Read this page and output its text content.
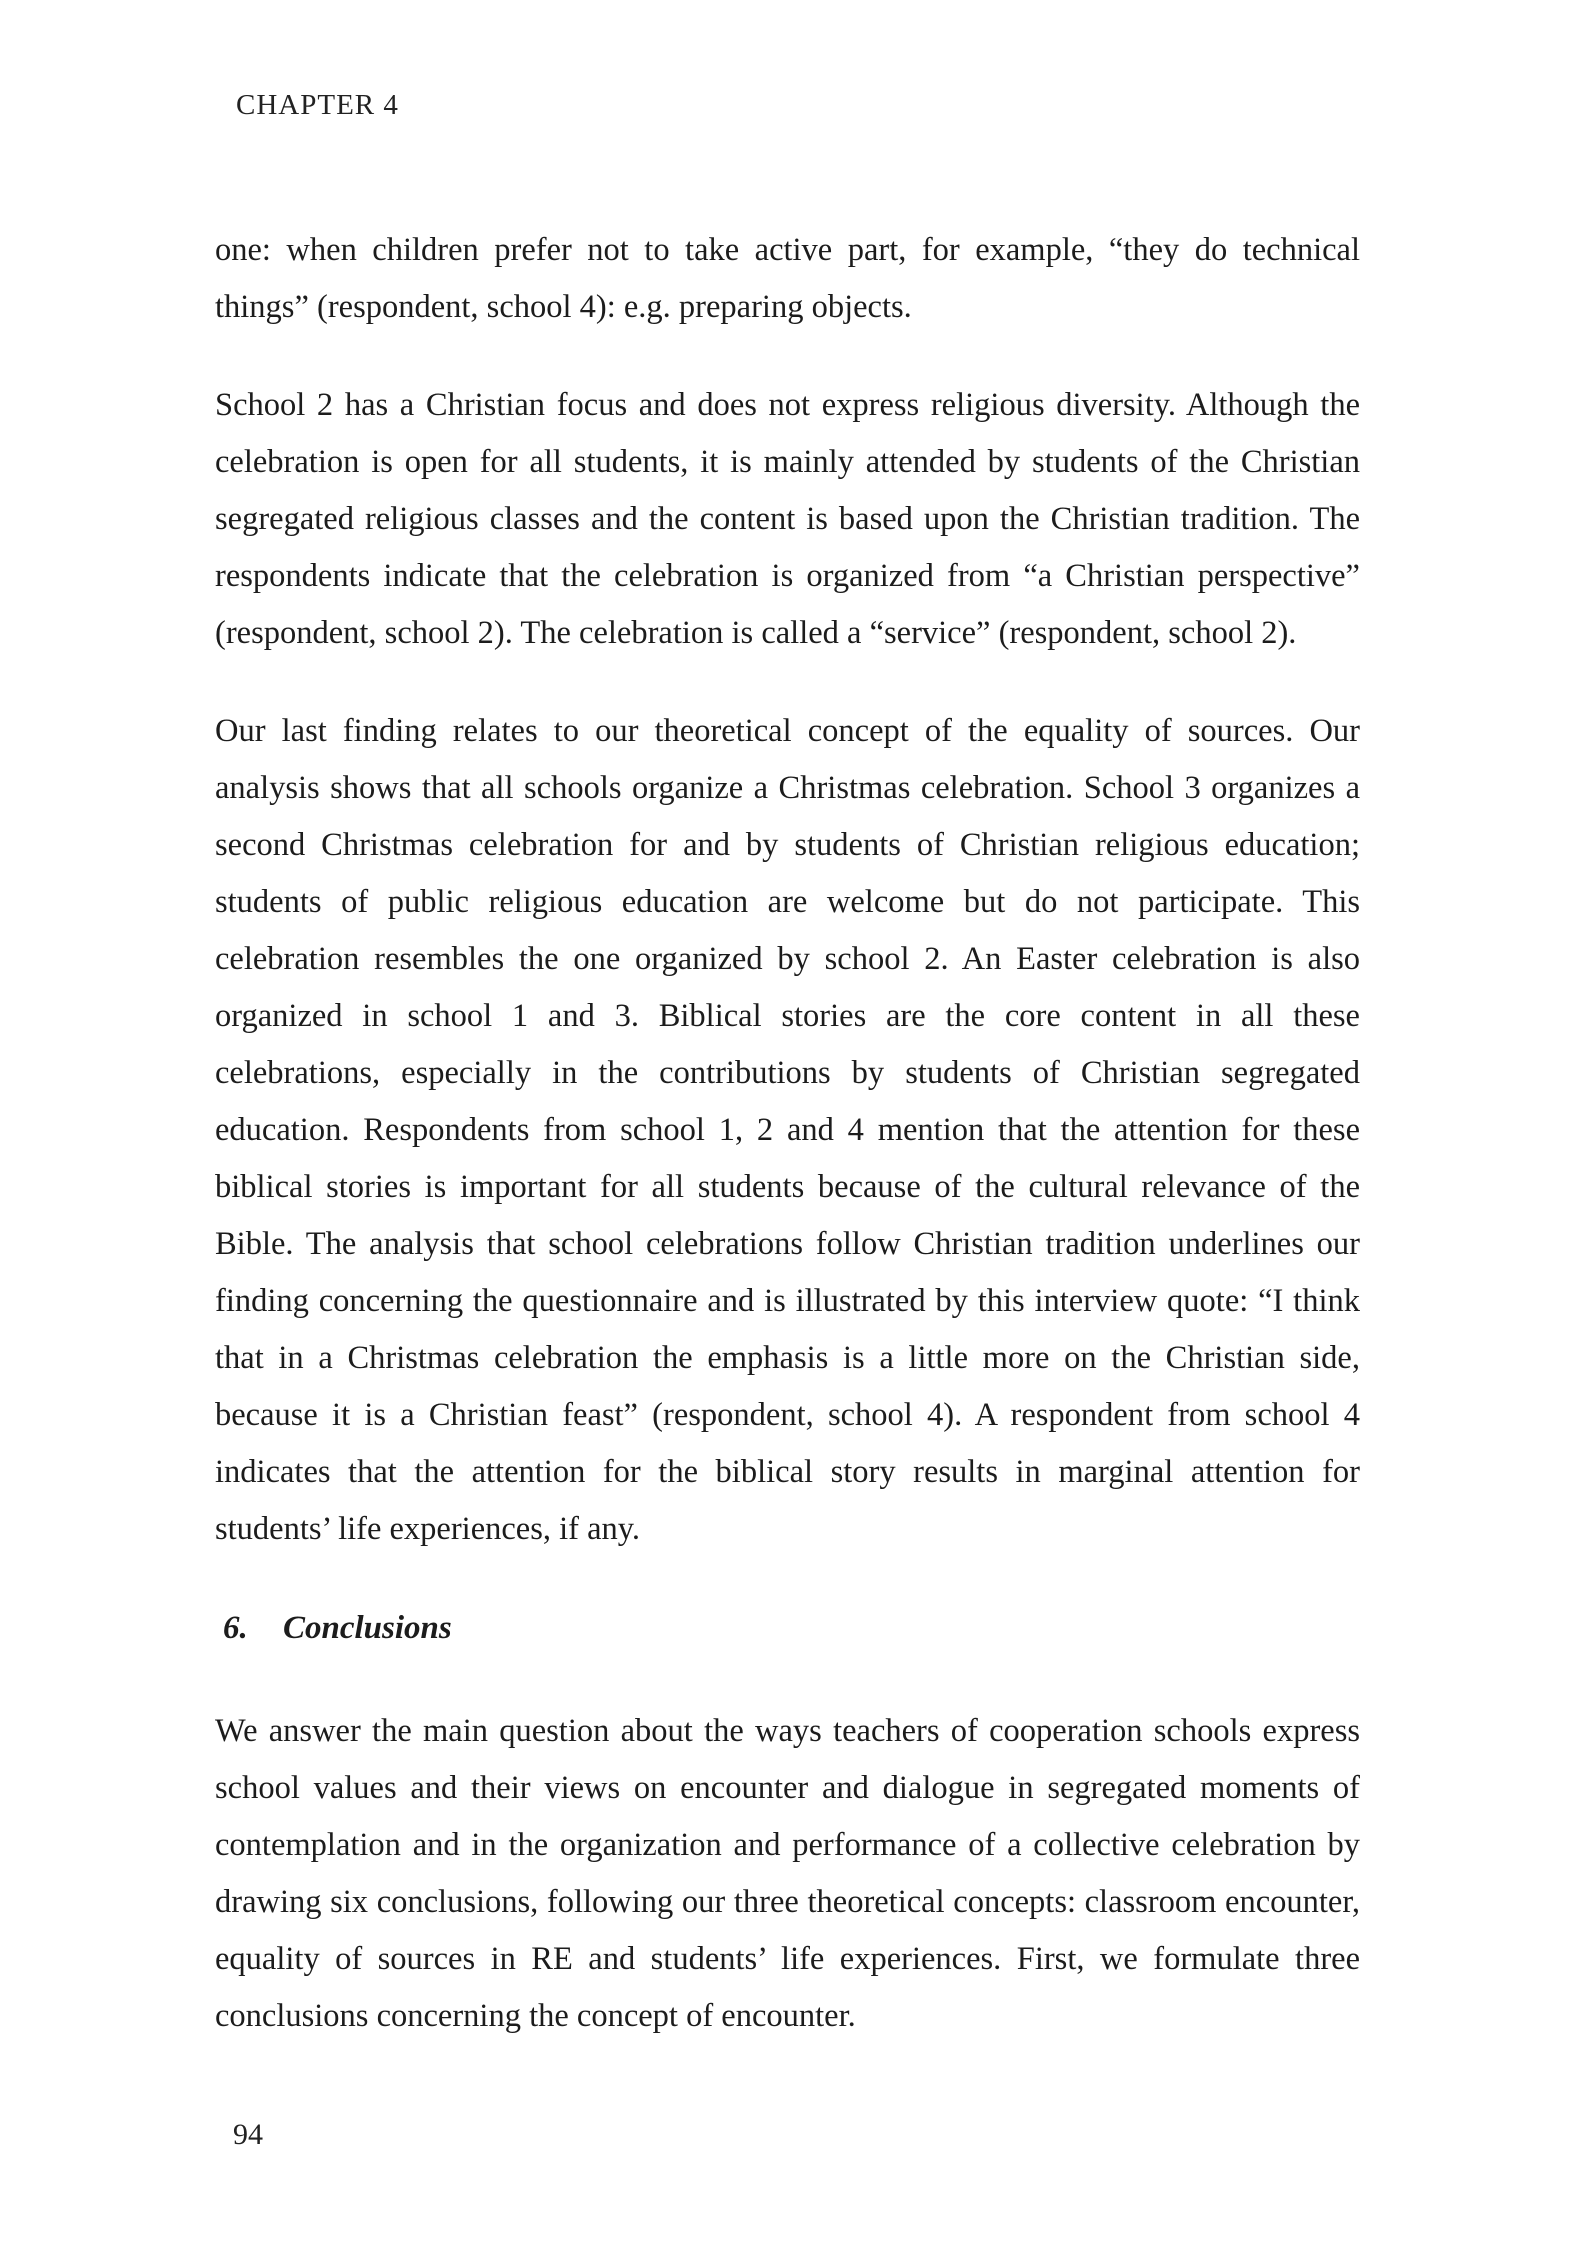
CHAPTER 4

one: when children prefer not to take active part, for example, “they do technical things” (respondent, school 4): e.g. preparing objects.

School 2 has a Christian focus and does not express religious diversity. Although the celebration is open for all students, it is mainly attended by students of the Christian segregated religious classes and the content is based upon the Christian tradition. The respondents indicate that the celebration is organized from “a Christian perspective” (respondent, school 2). The celebration is called a “service” (respondent, school 2).

Our last finding relates to our theoretical concept of the equality of sources. Our analysis shows that all schools organize a Christmas celebration. School 3 organizes a second Christmas celebration for and by students of Christian religious education; students of public religious education are welcome but do not participate. This celebration resembles the one organized by school 2. An Easter celebration is also organized in school 1 and 3. Biblical stories are the core content in all these celebrations, especially in the contributions by students of Christian segregated education. Respondents from school 1, 2 and 4 mention that the attention for these biblical stories is important for all students because of the cultural relevance of the Bible. The analysis that school celebrations follow Christian tradition underlines our finding concerning the questionnaire and is illustrated by this interview quote: “I think that in a Christmas celebration the emphasis is a little more on the Christian side, because it is a Christian feast” (respondent, school 4). A respondent from school 4 indicates that the attention for the biblical story results in marginal attention for students’ life experiences, if any.

6. Conclusions

We answer the main question about the ways teachers of cooperation schools express school values and their views on encounter and dialogue in segregated moments of contemplation and in the organization and performance of a collective celebration by drawing six conclusions, following our three theoretical concepts: classroom encounter, equality of sources in RE and students’ life experiences. First, we formulate three conclusions concerning the concept of encounter.

94
